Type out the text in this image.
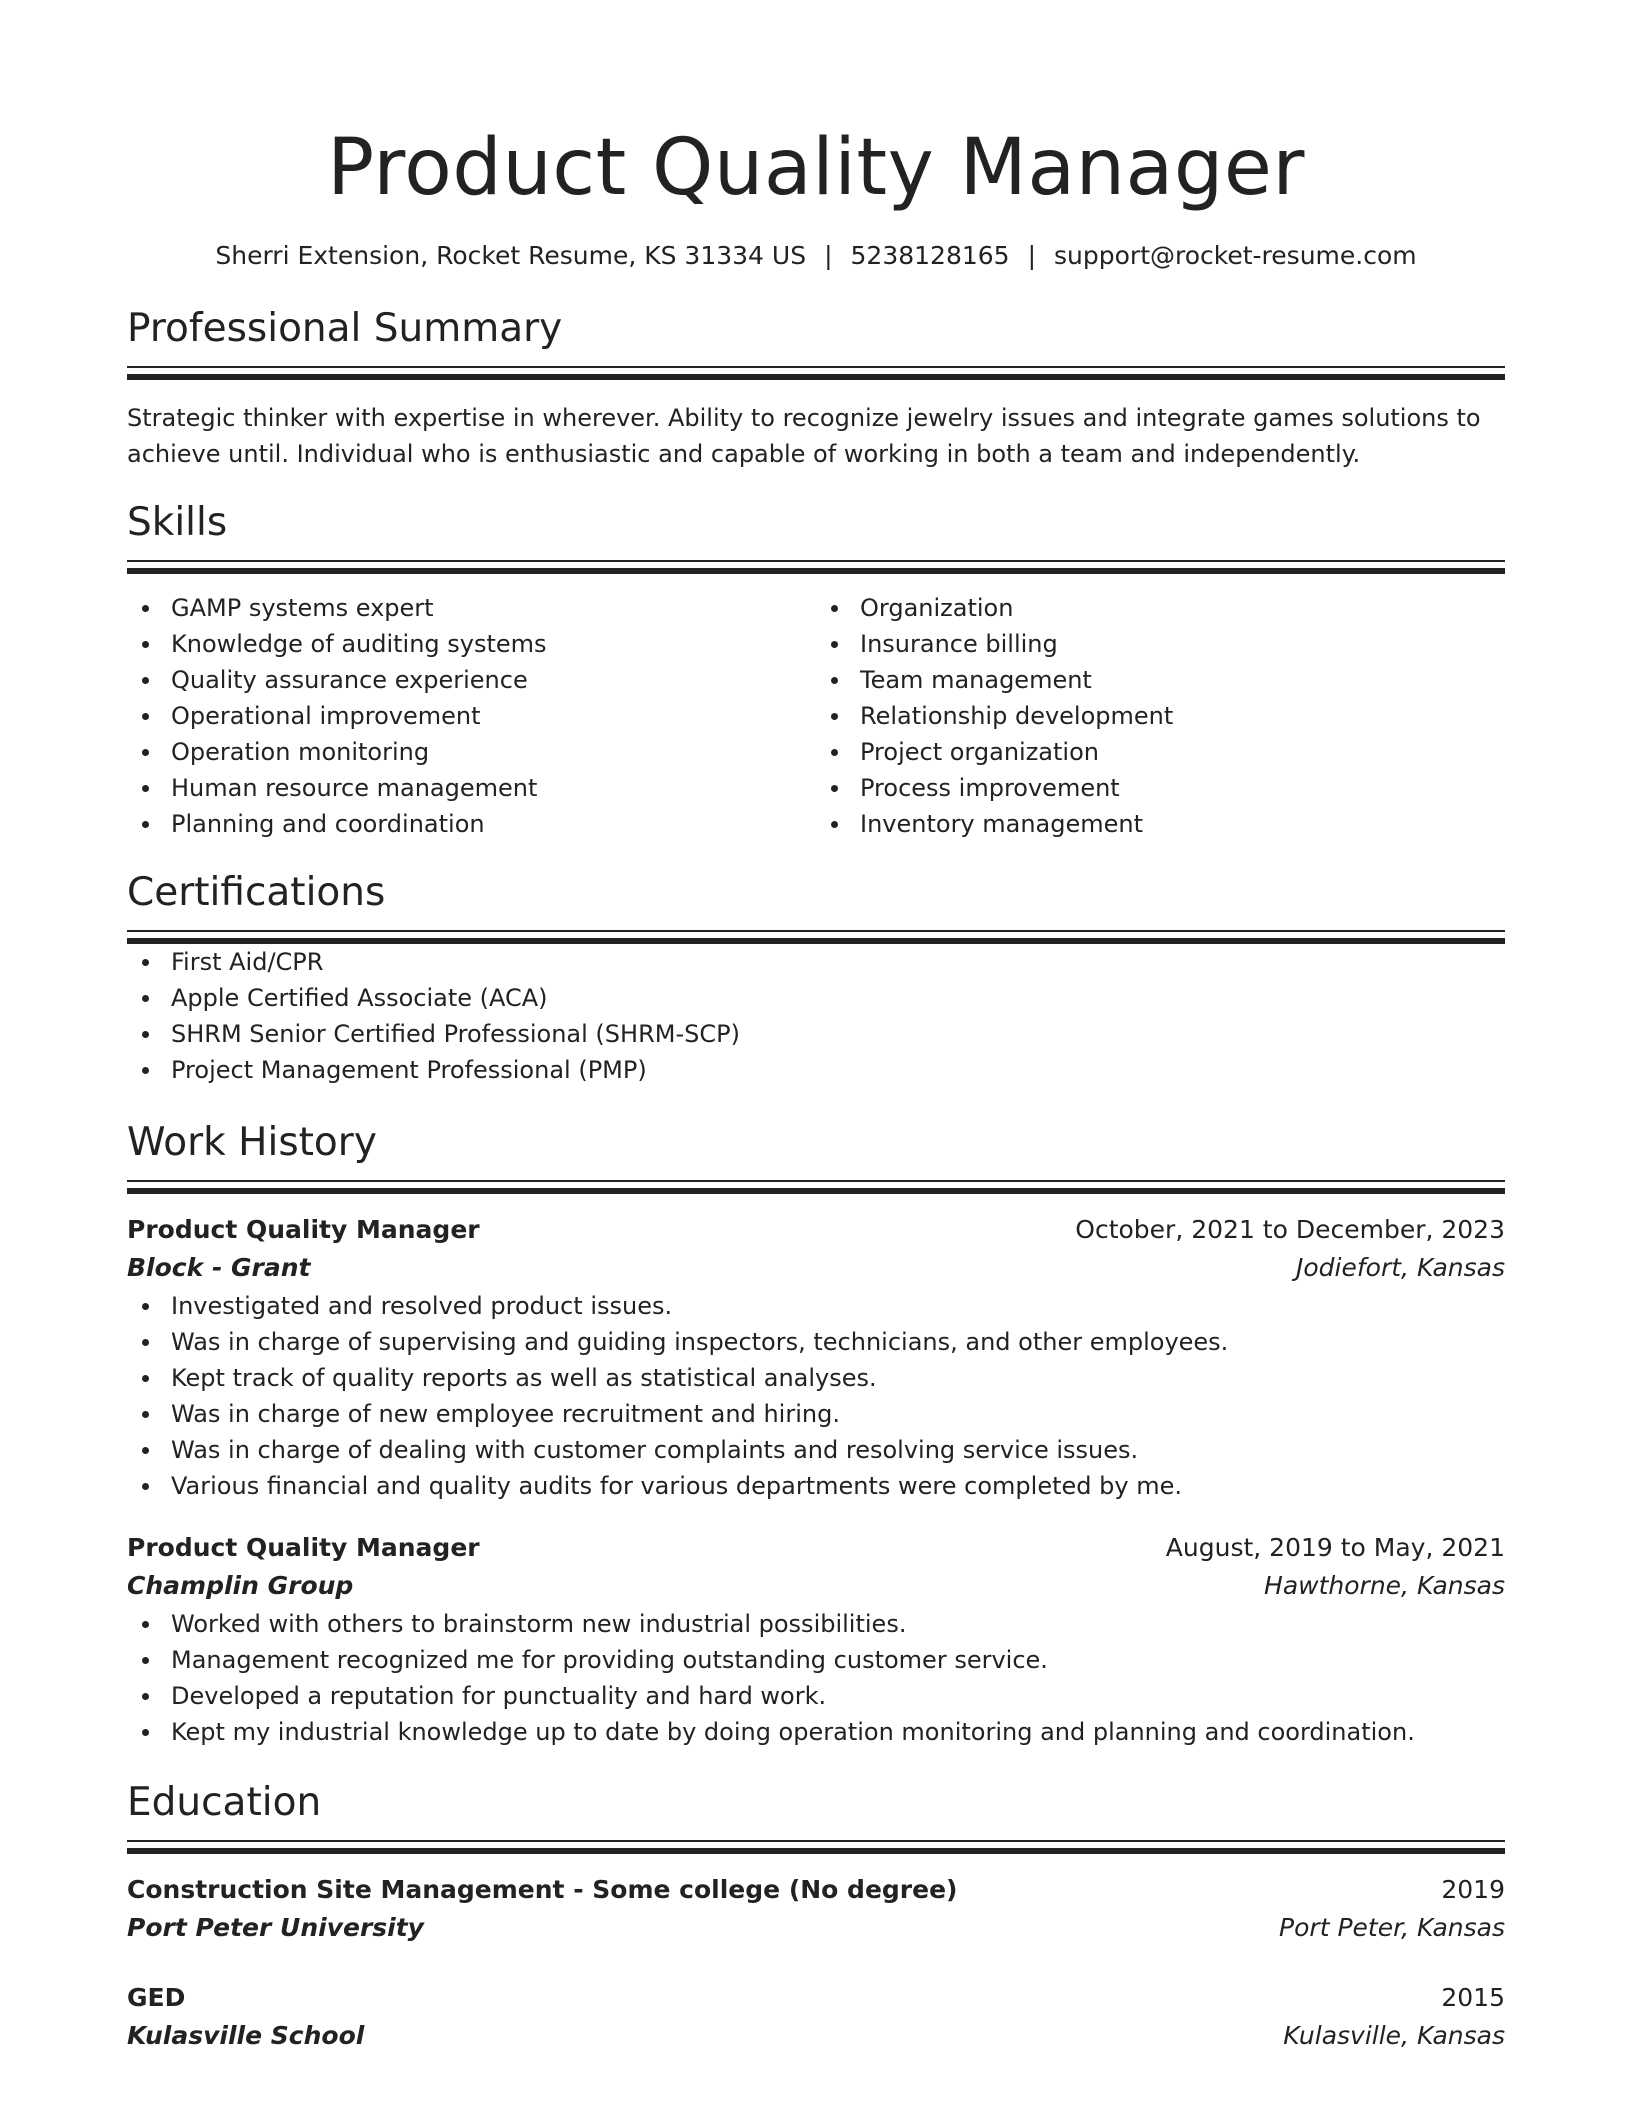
Product Quality Manager
Sherri Extension, Rocket Resume, KS 31334 US | 5238128165 | support@rocket-resume.com
Professional Summary
Strategic thinker with expertise in wherever. Ability to recognize jewelry issues and integrate games solutions to achieve until. Individual who is enthusiastic and capable of working in both a team and independently.
Skills
GAMP systems expert
Knowledge of auditing systems
Quality assurance experience
Operational improvement
Operation monitoring
Human resource management
Planning and coordination
Organization
Insurance billing
Team management
Relationship development
Project organization
Process improvement
Inventory management
Certifications
First Aid/CPR
Apple Certified Associate (ACA)
SHRM Senior Certified Professional (SHRM-SCP)
Project Management Professional (PMP)
Work History
Product Quality Manager	October, 2021 to December, 2023
Block - Grant	Jodiefort, Kansas
Investigated and resolved product issues.
Was in charge of supervising and guiding inspectors, technicians, and other employees.
Kept track of quality reports as well as statistical analyses.
Was in charge of new employee recruitment and hiring.
Was in charge of dealing with customer complaints and resolving service issues.
Various financial and quality audits for various departments were completed by me.
Product Quality Manager	August, 2019 to May, 2021
Champlin Group	Hawthorne, Kansas
Worked with others to brainstorm new industrial possibilities.
Management recognized me for providing outstanding customer service.
Developed a reputation for punctuality and hard work.
Kept my industrial knowledge up to date by doing operation monitoring and planning and coordination.
Education
Construction Site Management - Some college (No degree)	2019
Port Peter University	Port Peter, Kansas
GED	2015
Kulasville School	Kulasville, Kansas
